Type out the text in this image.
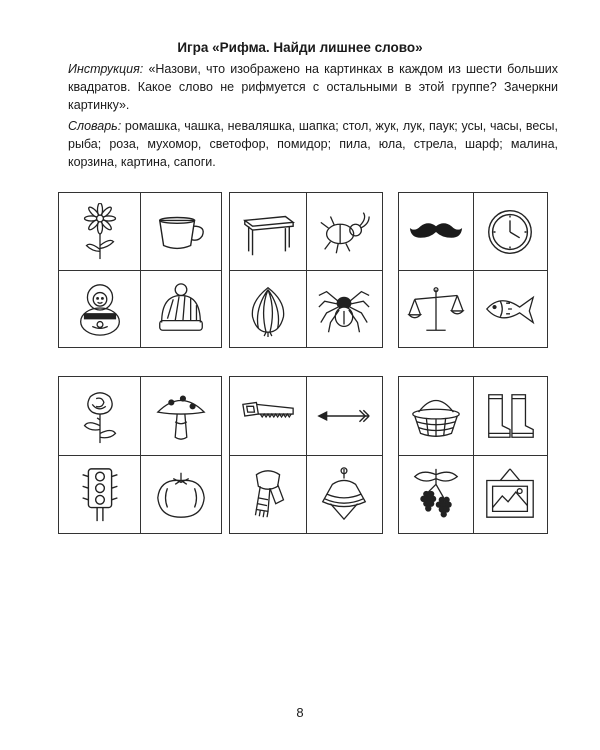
Игра «Рифма. Найди лишнее слово»
Инструкция: «Назови, что изображено на картинках в каждом из шести больших квадратов. Какое слово не рифмуется с остальными в этой группе? Зачеркни картинку».
Словарь: ромашка, чашка, неваляшка, шапка; стол, жук, лук, паук; усы, часы, весы, рыба; роза, мухомор, светофор, помидор; пила, юла, стрела, шарф; малина, корзина, картина, сапоги.
8
